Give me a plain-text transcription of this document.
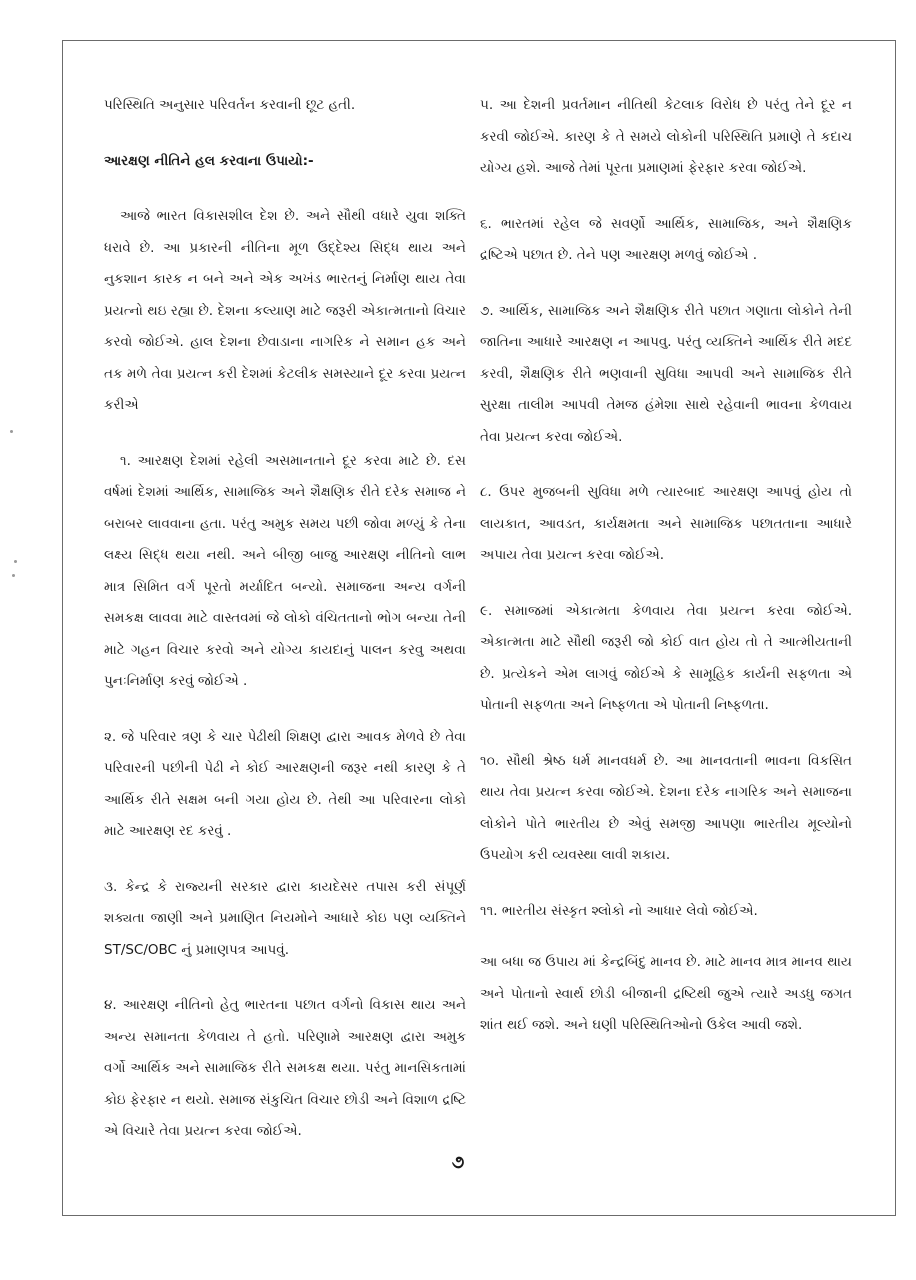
પરિસ્થિતિ અનુસાર પરિવર્તન કરવાની છૂટ હતી.

આરક્ષણ નીતિને હલ કરવાના ઉપાયો:-

આજે ભારત વિકાસશીલ દેશ છે. અને સૌથી વધારે યુવા શક્તિ ધરાવે છે. આ પ્રકારની નીતિના મૂળ ઉદ્દેશ્ય સિદ્ધ થાય અને નુકશાન કારક ન બને અને એક અખંડ ભારતનું નિર્માણ થાય તેવા પ્રયત્નો થઇ રહ્યા છે. દેશના કલ્યાણ માટે જરૂરી એકાત્મતાનો વિચાર કરવો જોઈએ. હાલ દેશના છેવાડાના નાગરિક ને સમાન હક અને તક મળે તેવા પ્રયત્ન કરી દેશમાં કેટલીક સમસ્યાને દૂર કરવા પ્રયત્ન કરીએ

૧. આરક્ષણ દેશમાં રહેલી અસમાનતાને દૂર કરવા માટે છે. દસ વર્ષમાં દેશમાં આર્થિક, સામાજિક અને શૈક્ષણિક રીતે દરેક સમાજ ને બરાબર લાવવાના હતા. પરંતુ અમુક સમય પછી જોવા મળ્યું કે તેના લક્ષ્ય સિદ્ધ થયા નથી. અને બીજી બાજુ આરક્ષણ નીતિનો લાભ માત્ર સિમિત વર્ગ પૂરતો મર્યાદિત બન્યો. સમાજના અન્ય વર્ગની સમકક્ષ લાવવા માટે વાસ્તવમાં જે લોકો વંચિતતાનો ભોગ બન્યા તેની માટે ગહન વિચાર કરવો અને યોગ્ય કાયદાનું પાલન કરવુ અથવા પુનઃનિર્માણ કરવું જોઈએ .

૨. જે પરિવાર ત્રણ કે ચાર પેઢીથી શિક્ષણ દ્વારા આવક મેળવે છે તેવા પરિવારની પછીની પેઢી ને કોઈ આરક્ષણની જરૂર નથી કારણ કે તે આર્થિક રીતે સક્ષમ બની ગયા હોય છે. તેથી આ પરિવારના લોકો માટે આરક્ષણ રદ કરવું .

૩. કેન્દ્ર કે રાજ્યની સરકાર દ્વારા કાયદેસર તપાસ કરી સંપૂર્ણ શક્યતા જાણી અને પ્રમાણિત નિયમોને આધારે કોઇ પણ વ્યક્તિને ST/SC/OBC નું પ્રમાણપત્ર આપવું.

૪. આરક્ષણ નીતિનો હેતુ ભારતના પછાત વર્ગનો વિકાસ થાય અને અન્ય સમાનતા કેળવાય તે હતો. પરિણામે આરક્ષણ દ્વારા અમુક વર્ગો આર્થિક અને સામાજિક રીતે સમકક્ષ થયા. પરંતુ માનસિકતામાં કોઇ ફેરફાર ન થયો. સમાજ સંકુચિત વિચાર છોડી અને વિશાળ દ્રષ્ટિ એ વિચારે તેવા પ્રયત્ન કરવા જોઈએ.

૫. આ દેશની પ્રવર્તમાન નીતિથી કેટલાક વિરોધ છે પરંતુ તેને દૂર ન કરવી જોઈએ. કારણ કે તે સમયે લોકોની પરિસ્થિતિ પ્રમાણે તે કદાચ યોગ્ય હશે. આજે તેમાં પૂરતા પ્રમાણમાં ફેરફાર કરવા જોઈએ.

૬. ભારતમાં રહેલ જે સવર્ણો આર્થિક, સામાજિક, અને શૈક્ષણિક દ્રષ્ટિએ પછાત છે. તેને પણ આરક્ષણ મળવું જોઈએ .

૭. આર્થિક, સામાજિક અને શૈક્ષણિક રીતે પછાત ગણાતા લોકોને તેની જાતિના આધારે આરક્ષણ ન આપવુ. પરંતુ વ્યક્તિને આર્થિક રીતે મદદ કરવી, શૈક્ષણિક રીતે ભણવાની સુવિધા આપવી અને સામાજિક રીતે સુરક્ષા તાલીમ આપવી તેમજ હંમેશા સાથે રહેવાની ભાવના કેળવાય તેવા પ્રયત્ન કરવા જોઈએ.

૮. ઉપર મુજબની સુવિધા મળે ત્યારબાદ આરક્ષણ આપવું હોય તો લાયકાત, આવડત, કાર્યક્ષમતા અને સામાજિક પછાતતાના આધારે અપાય તેવા પ્રયત્ન કરવા જોઈએ.

૯. સમાજમાં એકાત્મતા કેળવાય તેવા પ્રયત્ન કરવા જોઈએ. એકાત્મતા માટે સૌથી જરૂરી જો કોઈ વાત હોય તો તે આત્મીયતાની છે. પ્રત્યેકને એમ લાગવું જોઈએ કે સામૂહિક કાર્યની સફળતા એ પોતાની સફળતા અને નિષ્ફળતા એ પોતાની નિષ્ફળતા.

૧૦. સૌથી શ્રેષ્ઠ ધર્મ માનવધર્મ છે. આ માનવતાની ભાવના વિકસિત થાય તેવા પ્રયત્ન કરવા જોઈએ. દેશના દરેક નાગરિક અને સમાજના લોકોને પોતે ભારતીય છે એવું સમજી આપણા ભારતીય મૂલ્યોનો ઉપયોગ કરી વ્યવસ્થા લાવી શકાય.

૧૧. ભારતીય સંસ્કૃત શ્લોકો નો આધાર લેવો જોઈએ.

આ બધા જ ઉપાય માં કેન્દ્રબિંદુ માનવ છે. માટે માનવ માત્ર માનવ થાય અને પોતાનો સ્વાર્થ છોડી બીજાની દ્રષ્ટિથી જુએ ત્યારે અડધુ જગત શાંત થઈ જશે. અને ઘણી પરિસ્થિતિઓનો ઉકેલ આવી જશે.

૭
